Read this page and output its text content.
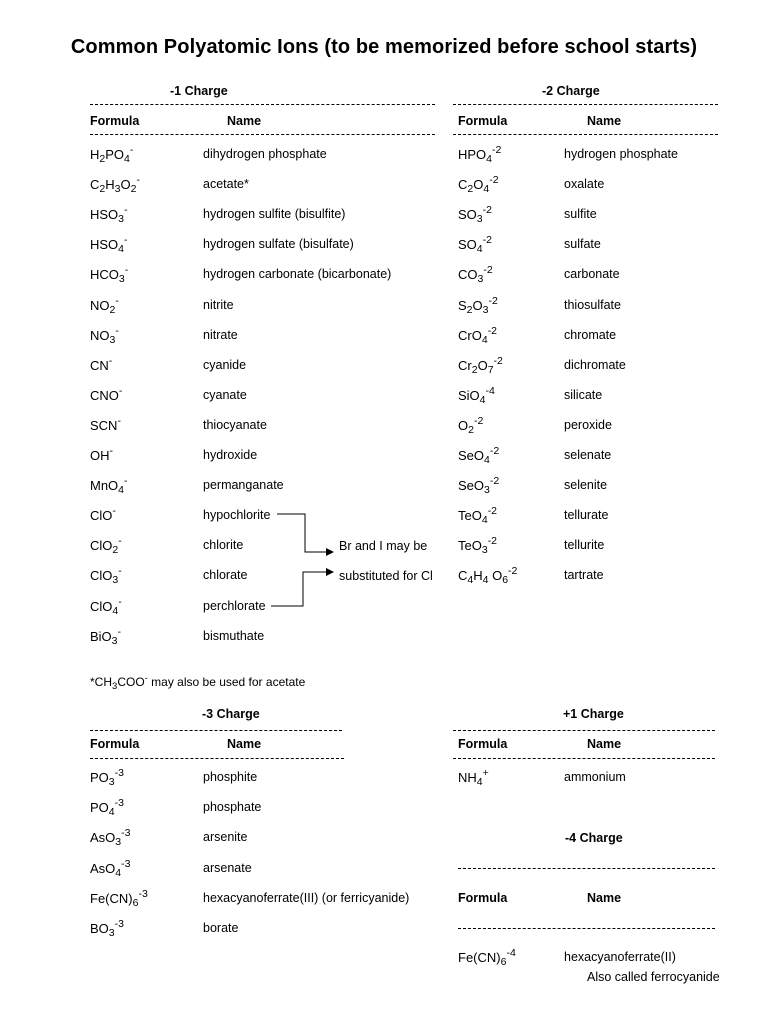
Common Polyatomic Ions (to be memorized before school starts)
-1 Charge
Formula	Name
$H_2PO_4^-$	dihydrogen phosphate
$C_2H_3O_2^-$	acetate*
$HSO_3^-$	hydrogen sulfite (bisulfite)
$HSO_4^-$	hydrogen sulfate (bisulfate)
$HCO_3^-$	hydrogen carbonate (bicarbonate)
$NO_2^-$	nitrite
$NO_3^-$	nitrate
CN-	cyanide
CNO-	cyanate
SCN-	thiocyanate
OH-	hydroxide
MnO$_4$-	permanganate
ClO-	hypochlorite
ClO$_2$-	chlorite
ClO$_3$-	chlorate
ClO$_4$-	perchlorate
BiO$_3$-	bismuthate
-2 Charge
Formula	Name
$HPO_4^{-2}$	hydrogen phosphate
$C_2O_4^{-2}$	oxalate
$SO_3^{-2}$	sulfite
$SO_4^{-2}$	sulfate
$CO_3^{-2}$	carbonate
$S_2O_3^{-2}$	thiosulfate
CrO$_4^{-2}$	chromate
$Cr_2O_7^{-2}$	dichromate
SiO$_4^{-4}$	silicate
$O_2^{-2}$	peroxide
SeO$_4^{-2}$	selenate
SeO$_3^{-2}$	selenite
TeO$_4^{-2}$	tellurate
TeO$_3^{-2}$	tellurite
$C_4H_4$ $O_6^{-2}$	tartrate
Br and I may be
substituted for Cl
$*CH_3COO^-$ may also be used for acetate
-3 Charge
Formula	Name
$PO_3^{-3}$	phosphite
$PO_4^{-3}$	phosphate
AsO$_3^{-3}$	arsenite
AsO$_4^{-3}$	arsenate
$Fe(CN)_6^{-3}$	hexacyanoferrate(III) (or ferricyanide)
$BO_3^{-3}$	borate
+1 Charge
Formula	Name
$NH_4^+$	ammonium
-4 Charge
Formula	Name
$Fe(CN)_6^{-4}$	hexacyanoferrate(II)
Also called ferrocyanide
